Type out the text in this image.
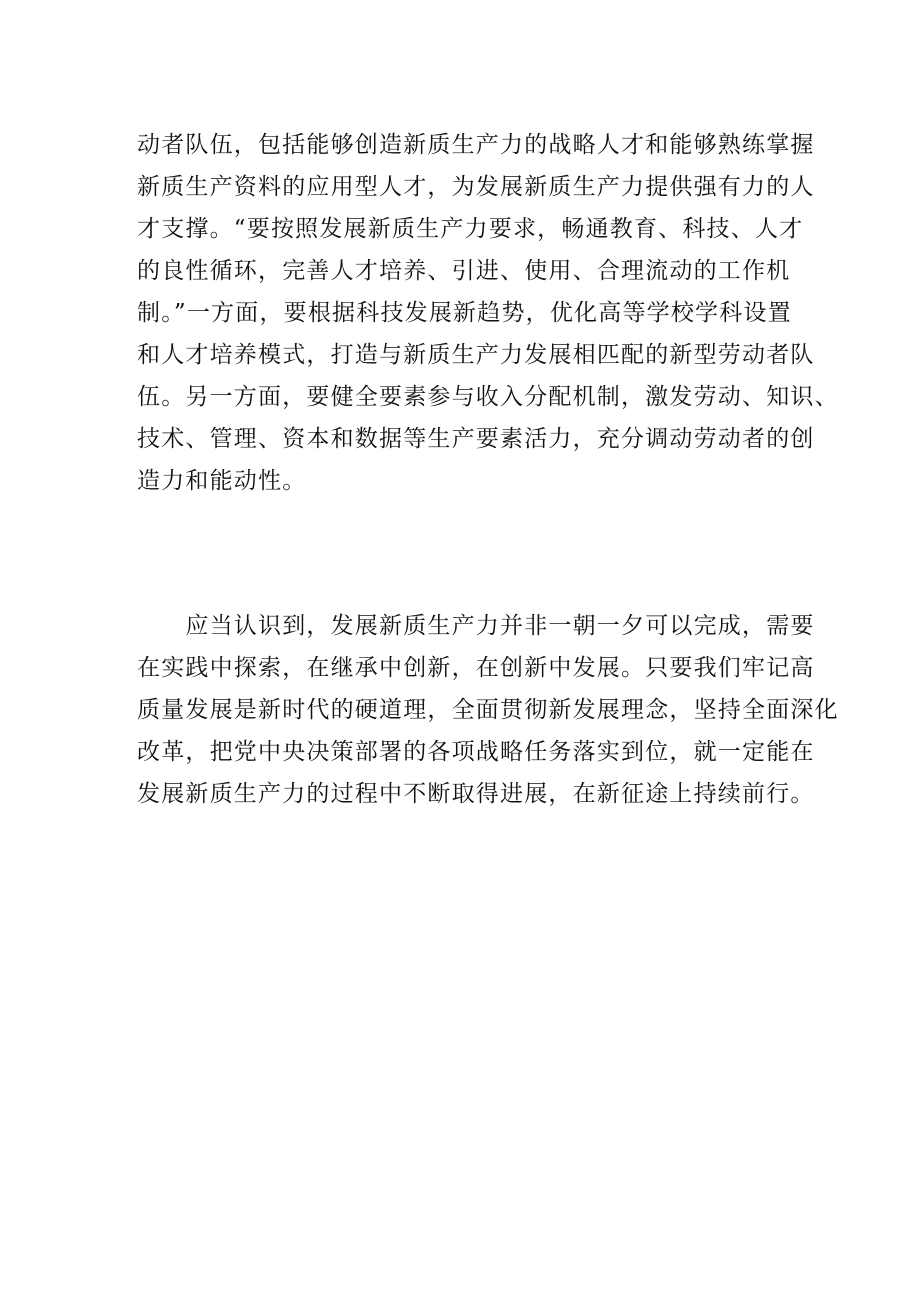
动者队伍，包括能够创造新质生产力的战略人才和能够熟练掌握
新质生产资料的应用型人才，为发展新质生产力提供强有力的人
才支撑。“要按照发展新质生产力要求，畅通教育、科技、人才
的良性循环，完善人才培养、引进、使用、合理流动的工作机
制。”一方面，要根据科技发展新趋势，优化高等学校学科设置
和人才培养模式，打造与新质生产力发展相匹配的新型劳动者队
伍。另一方面，要健全要素参与收入分配机制，激发劳动、知识、
技术、管理、资本和数据等生产要素活力，充分调动劳动者的创
造力和能动性。
　　应当认识到，发展新质生产力并非一朝一夕可以完成，需要
在实践中探索，在继承中创新，在创新中发展。只要我们牢记高
质量发展是新时代的硬道理，全面贯彻新发展理念，坚持全面深化
改革，把党中央决策部署的各项战略任务落实到位，就一定能在
发展新质生产力的过程中不断取得进展，在新征途上持续前行。
